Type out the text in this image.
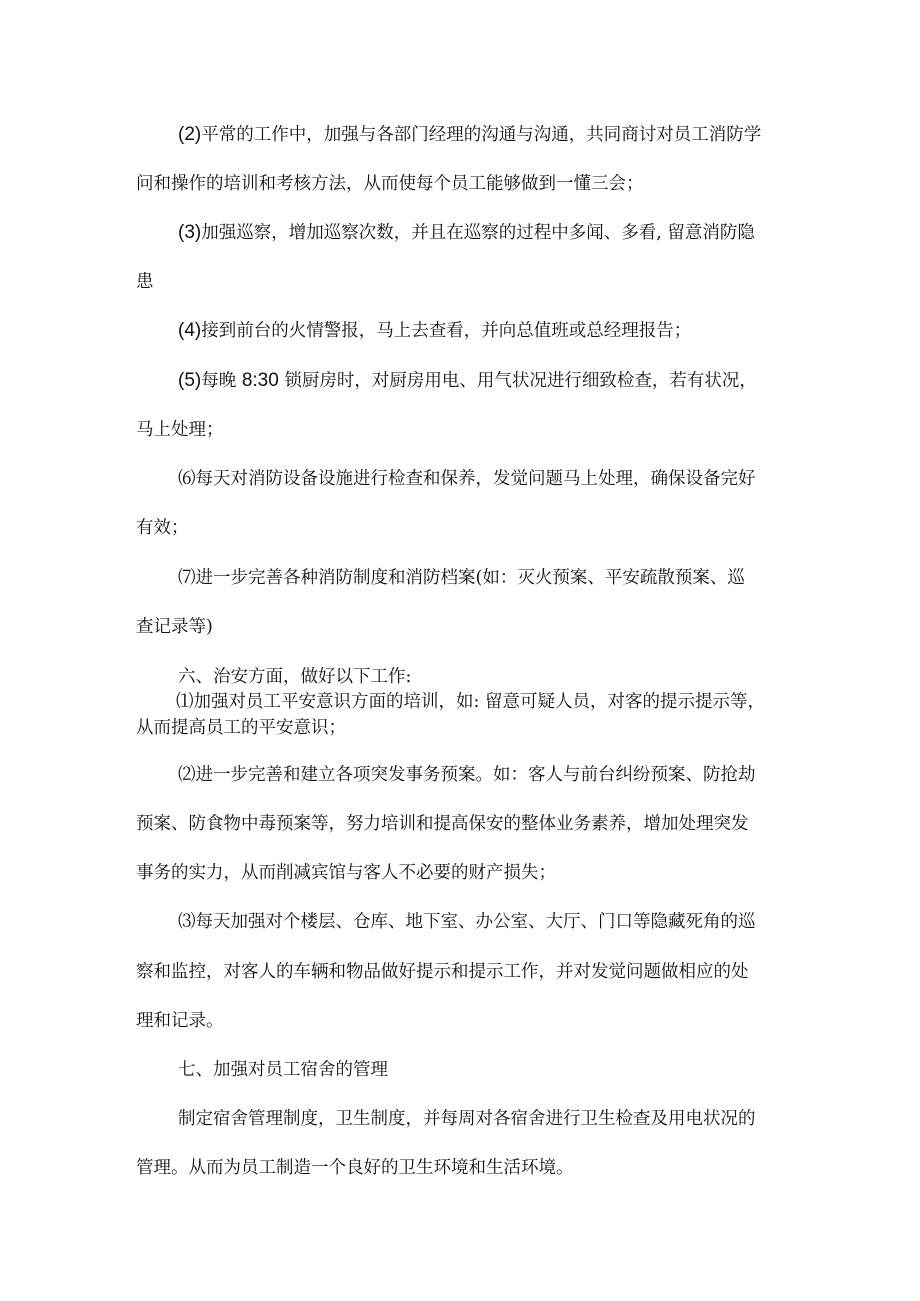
(2)平常的工作中，加强与各部门经理的沟通与沟通，共同商讨对员工消防学

问和操作的培训和考核方法，从而使每个员工能够做到一懂三会；

(3)加强巡察，增加巡察次数，并且在巡察的过程中多闻、多看, 留意消防隐

患

(4)接到前台的火情警报，马上去查看，并向总值班或总经理报告；

(5)每晚 8:30 锁厨房时，对厨房用电、用气状况进行细致检查，若有状况，

马上处理；

⑹每天对消防设备设施进行检查和保养，发觉问题马上处理，确保设备完好

有效；

⑺进一步完善各种消防制度和消防档案(如：灭火预案、平安疏散预案、巡

查记录等)

六、治安方面，做好以下工作:

⑴加强对员工平安意识方面的培训，如: 留意可疑人员，对客的提示提示等，

从而提高员工的平安意识；

⑵进一步完善和建立各项突发事务预案。如：客人与前台纠纷预案、防抢劫

预案、防食物中毒预案等，努力培训和提高保安的整体业务素养，增加处理突发

事务的实力，从而削减宾馆与客人不必要的财产损失；

⑶每天加强对个楼层、仓库、地下室、办公室、大厅、门口等隐藏死角的巡

察和监控，对客人的车辆和物品做好提示和提示工作，并对发觉问题做相应的处

理和记录。

七、加强对员工宿舍的管理

制定宿舍管理制度，卫生制度，并每周对各宿舍进行卫生检查及用电状况的

管理。从而为员工制造一个良好的卫生环境和生活环境。
